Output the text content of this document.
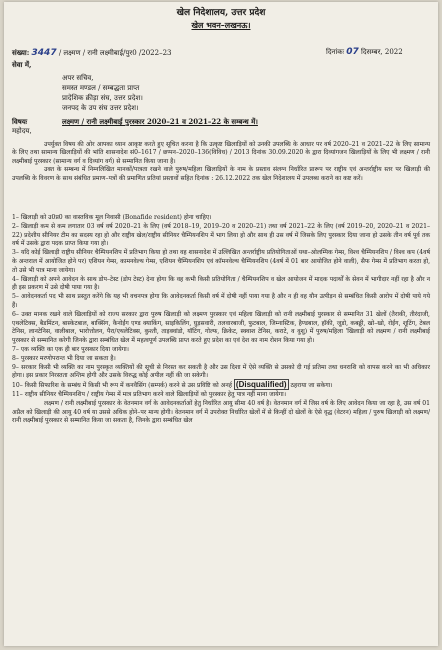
खेल निदेशालय, उत्तर प्रदेश
खेल भवन–लखनऊ।
संख्या: 3447 / लक्ष्मण / रानी लक्ष्मीबाई/पुर0 /2022–23	दिनांकः 07 दिसम्बर, 2022
सेवा में,
अपर सचिव,
समस्त मण्डल / सम्बद्धता प्राप्त
प्रादेशिक क्रीड़ा संघ, उत्तर प्रदेश।
जनपद के उप संघ उत्तर प्रदेश।
विषयः	लक्ष्मण / रानी लक्ष्मीबाई पुरस्कार 2020–21 व 2021–22 के सम्बन्ध में।
महोदय,
उपर्युक्त विषय की ओर आपका ध्यान आकृष्ट करते हुए सूचित करना है कि उत्कृष्ट खिलाड़ियों को उनकी उपलब्धि के आधार पर वर्ष 2020–21 व 2021–22 के लिए सामान्य के लिए तथा सामान्य खिलाड़ियों की भांति शासनादेश सं0–1617 / छप्पन–2020–136(विविध) / 2013 दिनांक 30.09.2020 के द्वारा दिव्यांगजन खिलाड़ियों के लिए भी लक्ष्मण / रानी लक्ष्मीबाई पुरस्कार (सामान्य वर्ग व दिव्यांग वर्ग) से सम्मानित किया जाना है।
उक्त के सम्बन्ध में निम्नलिखित मानकों/पात्रता रखने वाले पुरुष/महिला खिलाड़ियों के नाम के प्रस्ताव संलग्न निर्धारित प्रारूप पर राष्ट्रीय एवं अन्तर्राष्ट्रीय स्तर पर खिलाड़ी की उपलब्धि के विवरण के साथ संबंधित प्रमाण–पत्रों की प्रमाणित प्रतियां प्रस्तावों सहित दिनांक : 26.12.2022 तक खेल निदेशालय में उपलब्ध कराने का कष्ट करें।
1– खिलाड़ी को उ0प्र0 का वास्तविक मूल निवासी (Bonafide resident) होना चाहिए।
2– खिलाड़ी कम से कम लगातार 03 वर्ष वर्ष 2020–21 के लिए (वर्ष 2018–19, 2019–20 व 2020–21) तथा वर्ष 2021–22 के लिए (वर्ष 2019–20, 2020–21 व 2021–22) प्रदेशीय सीनियर टीम का सदस्य रहा हो और राष्ट्रीय खेल/राष्ट्रीय सीनियर चैम्पियनशिप में भाग लिया हो और साथ ही उस वर्ष में जिसके लिए पुरस्कार दिया जाना हो उसके तीन वर्ष पूर्व तक वर्ष में उसके द्वारा पदक प्राप्त किया गया हो।
3– यदि कोई खिलाड़ी राष्ट्रीय सीनियर चैम्पियनशिप में प्रतिभाग किया हो तथा वह शासनादेश में उल्लिखित अन्तर्राष्ट्रीय प्रतियोगिताओं यथा–ओलम्पिक गेम्स, विश्व चैम्पियनशिप / विश्व कप (4वर्ष के अन्तराल में आयोजित होने पर) एशियन गेम्स, कामनवेल्थ गेम्स, एशियन चैम्पियनशिप एवं कॉमनवेल्थ चैम्पियनशिप (4वर्ष में 01 बार आयोजित होने वाली), सैफ गेम्स में प्रतिभाग करता हो, तो उसे भी पात्र माना जायेगा।
4– खिलाड़ी को अपने आवेदन के साथ डोप–टेस्ट (डोप टेस्ट) देना होगा कि वह कभी किसी प्रतियोगिता / चैम्पियनशिप व खेल आयोजन में मादक पदार्थों के सेवन में भागीदार नहीं रहा है और न ही इस प्रकरण में उसे दोषी पाया गया है।
5– आवेदनकर्ता पद भी साथ प्रस्तुत करेंगे कि यह भी वचनपत्र होगा कि आवेदनकर्ता किसी वर्ष में दोषी नहीं पाया गया है और न ही वह यौन उत्पीड़न से सम्बंधित किसी आरोप में दोषी पाये गये हैं।
6– उक्त मानक रखने वाले खिलाड़ियों को राज्य सरकार द्वारा पुरुष खिलाड़ी को लक्ष्मण पुरस्कार एवं महिला खिलाड़ी को रानी लक्ष्मीबाई पुरस्कार से सम्मानित 31 खेलों (तैराकी, तीरंदाजी, एथलेटिक्स, बैडमिंटन, बास्केटबाल, बाक्सिंग, कैनोईंग एण्ड क्याकिंग, साइकिलिंग, घुड़सवारी, तलवारबाजी, फुटबाल, जिम्नास्टिक, हैण्डबाल, हॉकी, जूडो, कबड्डी, खो–खो, रोईंग, शूटिंग, टेबल टेनिस, लानटेनिस, वालीबाल, भारोत्तोलन, पैरा/एथलेटिक्स, कुश्ती, ताइक्वांडो, यॉटिंग, गोल्फ, क्रिकेट, स्क्वाश टेनिस, कराटे, व वुशु) में पुरुष/महिला 'खिलाड़ी को लक्ष्मण / रानी लक्ष्मीबाई पुरस्कार से सम्मानित करेगी जिनके द्वारा सम्बंधित खेल में महत्वपूर्ण उपलब्धि प्राप्त करते हुए प्रदेश का एवं देश का नाम रोशन किया गया हो।
7– एक व्यक्ति का एक ही बार पुरस्कार दिया जायेगा।
8– पुरस्कार मरणोपरान्त भी दिया जा सकता है।
9– सरकार किसी भी व्यक्ति का नाम पुरस्कृत व्यक्तियों की सूची से निरस्त कर सकती है और उस दिशा में ऐसे व्यक्ति से उसको दी गई प्रतिमा तथा धनराशि को वापस करने का भी अधिकार होगा। इस प्रकार निरस्तता अन्तिम होगी और उसके विरुद्ध कोई अपील नहीं की जा सकेगी।
10– किसी सिफारिश के सम्बंध में किसी भी रूप में कनवैसिंग (सम्पर्क) करने से उस प्रविष्टि को अनर्ह (Disqualified) ठहराया जा सकेगा।
11– राष्ट्रीय सीनियर चैम्पियनशिप / राष्ट्रीय गेम्स में मात्र प्रतिभाग करने वाले खिलाड़ियों को पुरस्कार हेतु पात्र नहीं माना जायेगा।
लक्ष्मण / रानी लक्ष्मीबाई पुरस्कार के वेतनमान वर्ग के आवेदनकर्ताओं हेतु निर्धारित आयु सीमा 40 वर्ष है। वेतनमान वर्ग में जिस वर्ष के लिए आवेदन किया जा रहा है, उस वर्ष 01 अप्रैल को खिलाड़ी की आयु 40 वर्ष या उससे अधिक होने–पर मान्य होगी। वेतनमान वर्ग में उपरोक्त निर्धारित खेलों में से किन्हीं दो खेलों के ऐसे वृद्ध (वेटरन) महिला / पुरुष खिलाड़ी को लक्ष्मण/रानी लक्ष्मीबाई पुरस्कार से सम्मानित किया जा सकता है, जिनके द्वारा सम्बंधित खेल
